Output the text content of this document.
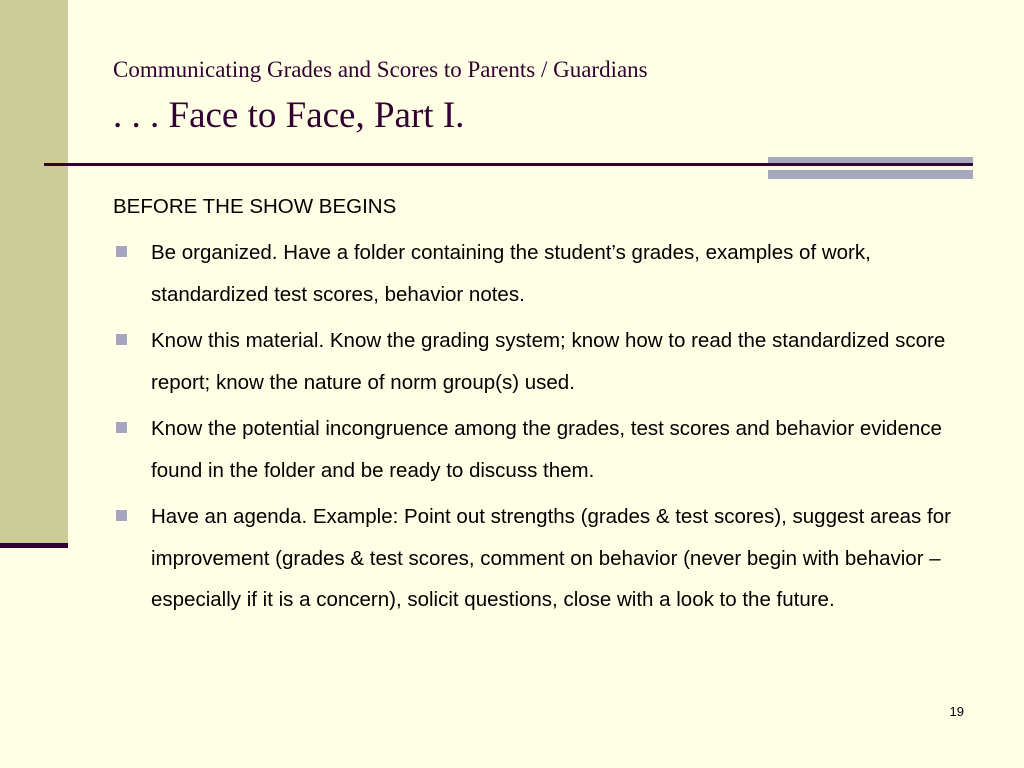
Communicating Grades and Scores to Parents / Guardians
. . . Face to Face, Part I.
BEFORE THE SHOW BEGINS
Be organized. Have a folder containing the student’s grades, examples of work, standardized test scores, behavior notes.
Know this material. Know the grading system; know how to read the standardized score report; know the nature of norm group(s) used.
Know the potential incongruence among the grades, test scores and behavior evidence found in the folder and be ready to discuss them.
Have an agenda. Example: Point out strengths (grades & test scores), suggest areas for improvement (grades & test scores, comment on behavior (never begin with behavior – especially if it is a concern), solicit questions, close with a look to the future.
19
